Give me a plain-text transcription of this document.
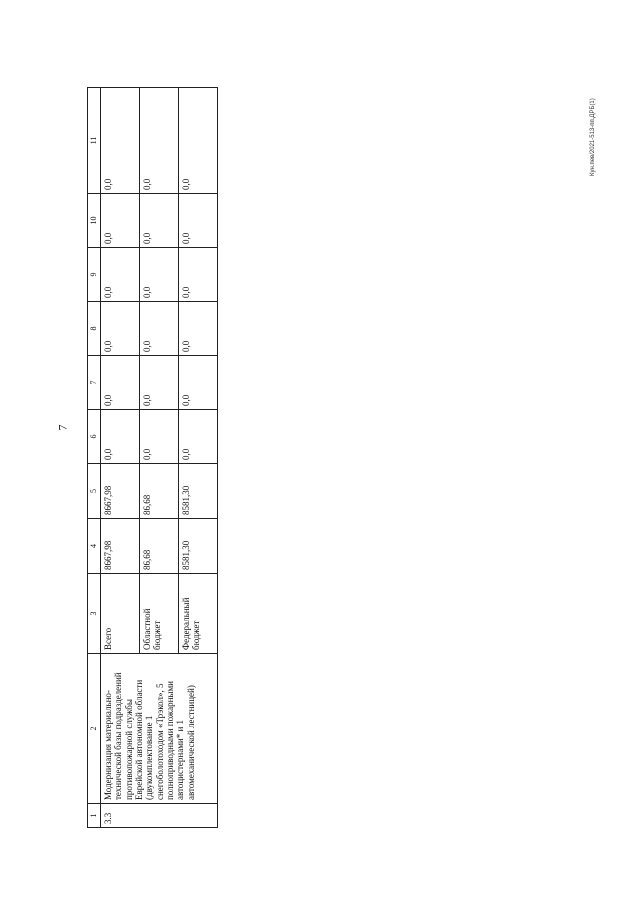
7
Кун.пев/2021-513-пп.ДРБ(1)
1	2	3	4	5	6	7	8	9	10	11
3.3	Модернизация материально-технической базы подразделений противопожарной службы Еврейской автономной области (двукомплектование 1 снегоболотоходом «Трэкол», 5 полноприводными пожарными автоцистернами* и 1 автомеханической лестницей)	Всего	8667,98	8667,98	0,0	0,0	0,0	0,0	0,0	0,0
		Областной бюджет	86,68	86,68	0,0	0,0	0,0	0,0	0,0	0,0
		Федеральный бюджет	8581,30	8581,30	0,0	0,0	0,0	0,0	0,0	0,0
